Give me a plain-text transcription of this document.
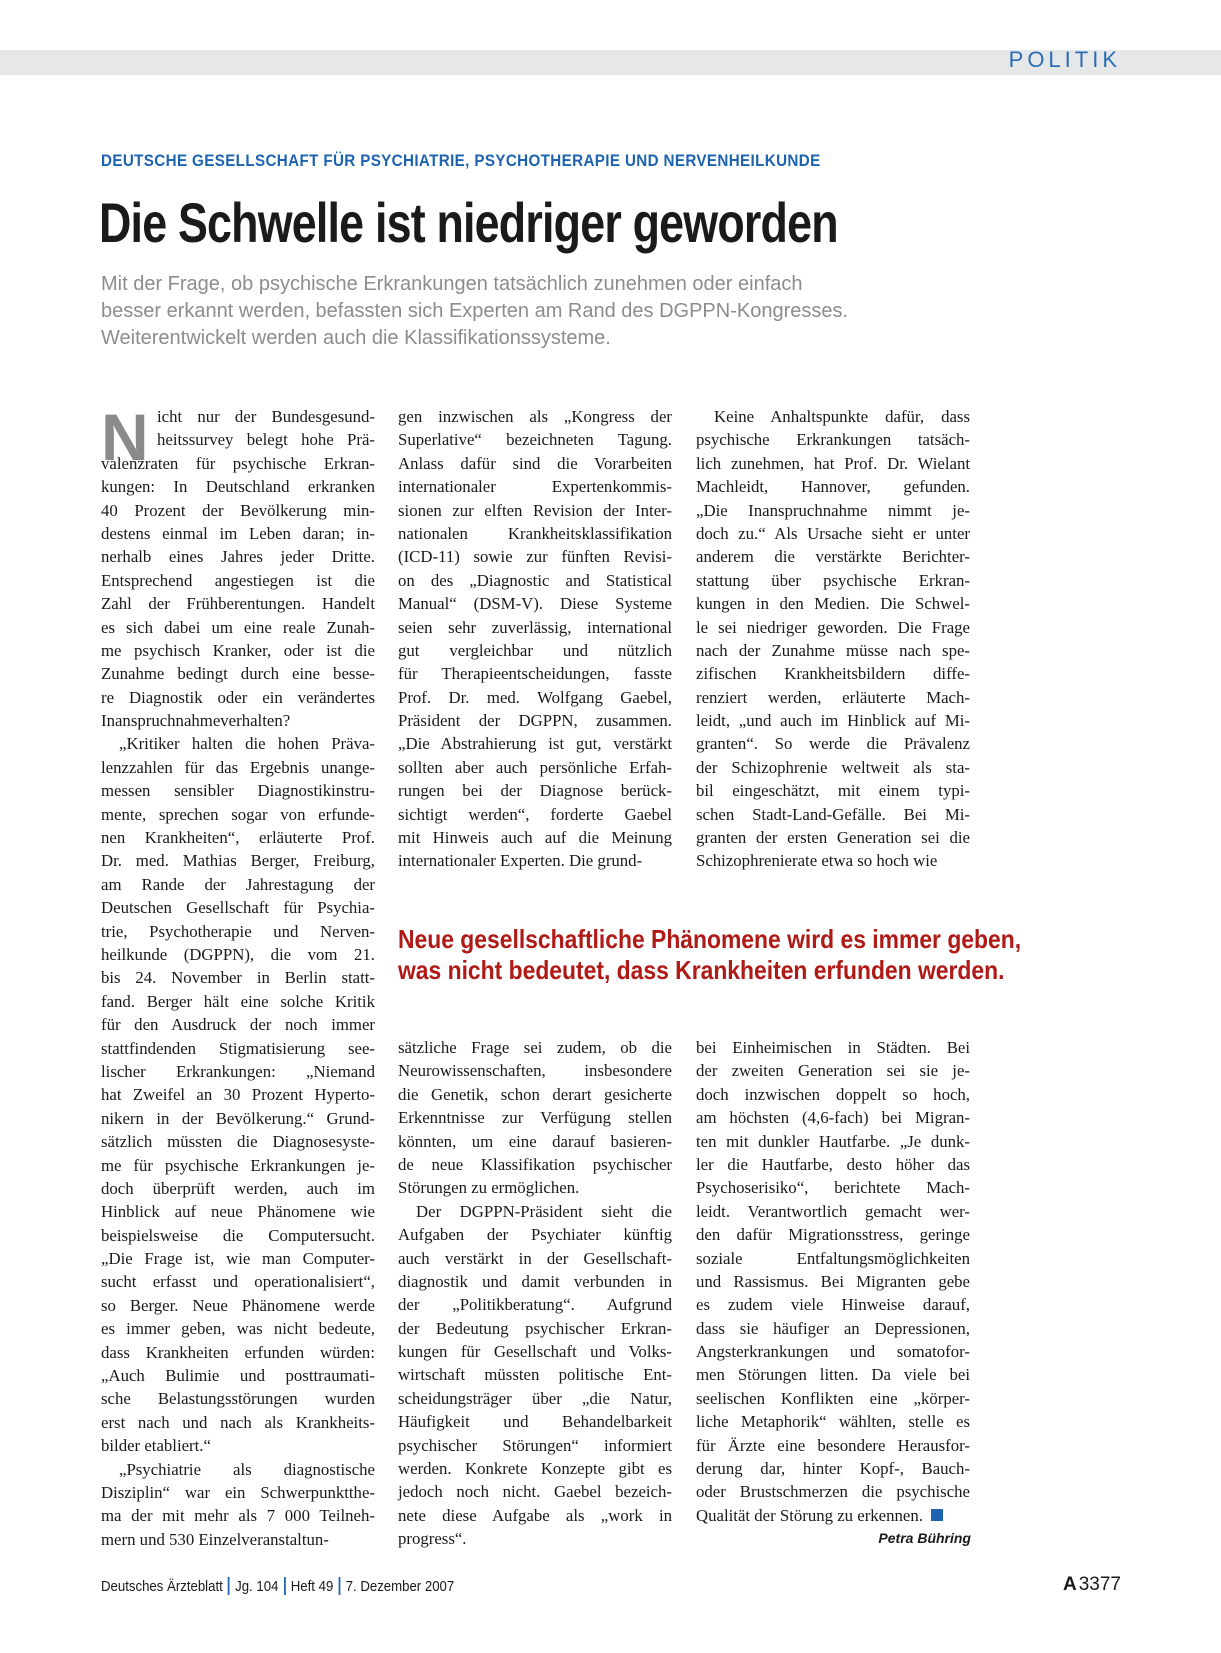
POLITIK
DEUTSCHE GESELLSCHAFT FÜR PSYCHIATRIE, PSYCHOTHERAPIE UND NERVENHEILKUNDE
Die Schwelle ist niedriger geworden
Mit der Frage, ob psychische Erkrankungen tatsächlich zunehmen oder einfach
besser erkannt werden, befassten sich Experten am Rand des DGPPN-Kongresses.
Weiterentwickelt werden auch die Klassifikationssysteme.
N icht nur der Bundesgesund-
heitssurvey belegt hohe Prä-
valenzraten für psychische Erkran-
kungen: In Deutschland erkranken
40 Prozent der Bevölkerung min-
destens einmal im Leben daran; in-
nerhalb eines Jahres jeder Dritte.
Entsprechend angestiegen ist die
Zahl der Frühberentungen. Handelt
es sich dabei um eine reale Zunah-
me psychisch Kranker, oder ist die
Zunahme bedingt durch eine besse-
re Diagnostik oder ein verändertes
Inanspruchnahmeverhalten?
„Kritiker halten die hohen Präva-
lenzzahlen für das Ergebnis unange-
messen sensibler Diagnostikinstru-
mente, sprechen sogar von erfunde-
nen Krankheiten“, erläuterte Prof.
Dr. med. Mathias Berger, Freiburg,
am Rande der Jahrestagung der
Deutschen Gesellschaft für Psychia-
trie, Psychotherapie und Nerven-
heilkunde (DGPPN), die vom 21.
bis 24. November in Berlin statt-
fand. Berger hält eine solche Kritik
für den Ausdruck der noch immer
stattfindenden Stigmatisierung see-
lischer Erkrankungen: „Niemand
hat Zweifel an 30 Prozent Hyperto-
nikern in der Bevölkerung.“ Grund-
sätzlich müssten die Diagnosesyste-
me für psychische Erkrankungen je-
doch überprüft werden, auch im
Hinblick auf neue Phänomene wie
beispielsweise die Computersucht.
„Die Frage ist, wie man Computer-
sucht erfasst und operationalisiert“,
so Berger. Neue Phänomene werde
es immer geben, was nicht bedeute,
dass Krankheiten erfunden würden:
„Auch Bulimie und posttraumati-
sche Belastungsstörungen wurden
erst nach und nach als Krankheits-
bilder etabliert.“
„Psychiatrie als diagnostische
Disziplin“ war ein Schwerpunktthe-
ma der mit mehr als 7 000 Teilneh-
mern und 530 Einzelveranstaltun-
gen inzwischen als „Kongress der
Superlative“ bezeichneten Tagung.
Anlass dafür sind die Vorarbeiten
internationaler Expertenkommis-
sionen zur elften Revision der Inter-
nationalen Krankheitsklassifikation
(ICD-11) sowie zur fünften Revisi-
on des „Diagnostic and Statistical
Manual“ (DSM-V). Diese Systeme
seien sehr zuverlässig, international
gut vergleichbar und nützlich
für Therapieentscheidungen, fasste
Prof. Dr. med. Wolfgang Gaebel,
Präsident der DGPPN, zusammen.
„Die Abstrahierung ist gut, verstärkt
sollten aber auch persönliche Erfah-
rungen bei der Diagnose berück-
sichtigt werden“, forderte Gaebel
mit Hinweis auch auf die Meinung
internationaler Experten. Die grund-
Keine Anhaltspunkte dafür, dass
psychische Erkrankungen tatsäch-
lich zunehmen, hat Prof. Dr. Wielant
Machleidt, Hannover, gefunden.
„Die Inanspruchnahme nimmt je-
doch zu.“ Als Ursache sieht er unter
anderem die verstärkte Berichter-
stattung über psychische Erkran-
kungen in den Medien. Die Schwel-
le sei niedriger geworden. Die Frage
nach der Zunahme müsse nach spe-
zifischen Krankheitsbildern diffe-
renziert werden, erläuterte Mach-
leidt, „und auch im Hinblick auf Mi-
granten“. So werde die Prävalenz
der Schizophrenie weltweit als sta-
bil eingeschätzt, mit einem typi-
schen Stadt-Land-Gefälle. Bei Mi-
granten der ersten Generation sei die
Schizophrenierate etwa so hoch wie
Neue gesellschaftliche Phänomene wird es immer geben,
was nicht bedeutet, dass Krankheiten erfunden werden.
sätzliche Frage sei zudem, ob die
Neurowissenschaften, insbesondere
die Genetik, schon derart gesicherte
Erkenntnisse zur Verfügung stellen
könnten, um eine darauf basieren-
de neue Klassifikation psychischer
Störungen zu ermöglichen.
Der DGPPN-Präsident sieht die
Aufgaben der Psychiater künftig
auch verstärkt in der Gesellschaft-
diagnostik und damit verbunden in
der „Politikberatung“. Aufgrund
der Bedeutung psychischer Erkran-
kungen für Gesellschaft und Volks-
wirtschaft müssten politische Ent-
scheidungsträger über „die Natur,
Häufigkeit und Behandelbarkeit
psychischer Störungen“ informiert
werden. Konkrete Konzepte gibt es
jedoch noch nicht. Gaebel bezeich-
nete diese Aufgabe als „work in
progress“.
bei Einheimischen in Städten. Bei
der zweiten Generation sei sie je-
doch inzwischen doppelt so hoch,
am höchsten (4,6-fach) bei Migran-
ten mit dunkler Hautfarbe. „Je dunk-
ler die Hautfarbe, desto höher das
Psychoserisiko“, berichtete Mach-
leidt. Verantwortlich gemacht wer-
den dafür Migrationsstress, geringe
soziale Entfaltungsmöglichkeiten
und Rassismus. Bei Migranten gebe
es zudem viele Hinweise darauf,
dass sie häufiger an Depressionen,
Angsterkrankungen und somatofor-
men Störungen litten. Da viele bei
seelischen Konflikten eine „körper-
liche Metaphorik“ wählten, stelle es
für Ärzte eine besondere Herausfor-
derung dar, hinter Kopf-, Bauch-
oder Brustschmerzen die psychische
Qualität der Störung zu erkennen.
Petra Bühring
Deutsches Ärzteblatt Jg. 104 Heft 49 7. Dezember 2007	A 3377
